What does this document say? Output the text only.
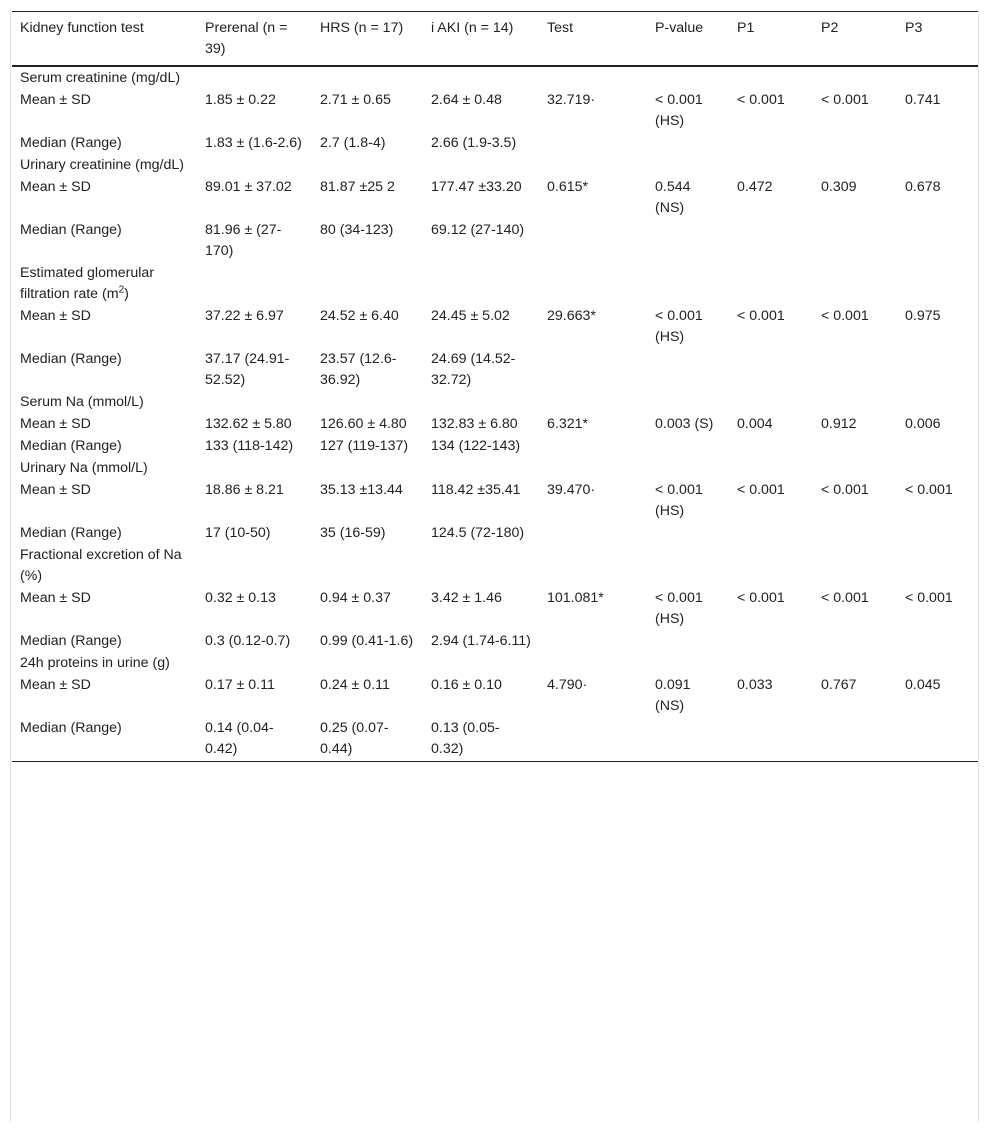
Kidney function test	Prerenal (n = 39)	HRS (n = 17)	i AKI (n = 14)	Test	P-value	P1	P2	P3
Serum creatinine (mg/dL)								
Mean ± SD	1.85 ± 0.22	2.71 ± 0.65	2.64 ± 0.48	32.719·	< 0.001 (HS)	< 0.001	< 0.001	0.741
Median (Range)	1.83 ± (1.6-2.6)	2.7 (1.8-4)	2.66 (1.9-3.5)					
Urinary creatinine (mg/dL)								
Mean ± SD	89.01 ± 37.02	81.87 ±25 2	177.47 ±33.20	0.615*	0.544 (NS)	0.472	0.309	0.678
Median (Range)	81.96 ± (27-170)	80 (34-123)	69.12 (27-140)					
Estimated glomerular filtration rate $(m^2)$								
Mean ± SD	37.22 ± 6.97	24.52 ± 6.40	24.45 ± 5.02	29.663*	< 0.001 (HS)	< 0.001	< 0.001	0.975
Median (Range)	37.17 (24.91-52.52)	23.57 (12.6-36.92)	24.69 (14.52-32.72)					
Serum Na (mmol/L)								
Mean ± SD	132.62 ± 5.80	126.60 ± 4.80	132.83 ± 6.80	6.321*	0.003 (S)	0.004	0.912	0.006
Median (Range)	133 (118-142)	127 (119-137)	134 (122-143)					
Urinary Na (mmol/L)								
Mean ± SD	18.86 ± 8.21	35.13 ±13.44	118.42 ±35.41	39.470·	< 0.001 (HS)	< 0.001	< 0.001	< 0.001
Median (Range)	17 (10-50)	35 (16-59)	124.5 (72-180)					
Fractional excretion of Na (%)								
Mean ± SD	0.32 ± 0.13	0.94 ± 0.37	3.42 ± 1.46	101.081*	< 0.001 (HS)	< 0.001	< 0.001	< 0.001
Median (Range)	0.3 (0.12-0.7)	0.99 (0.41-1.6)	2.94 (1.74-6.11)					
24h proteins in urine (g)								
Mean ± SD	0.17 ± 0.11	0.24 ± 0.11	0.16 ± 0.10	4.790·	0.091 (NS)	0.033	0.767	0.045
Median (Range)	0.14 (0.04-0.42)	0.25 (0.07-0.44)	0.13 (0.05-0.32)					
